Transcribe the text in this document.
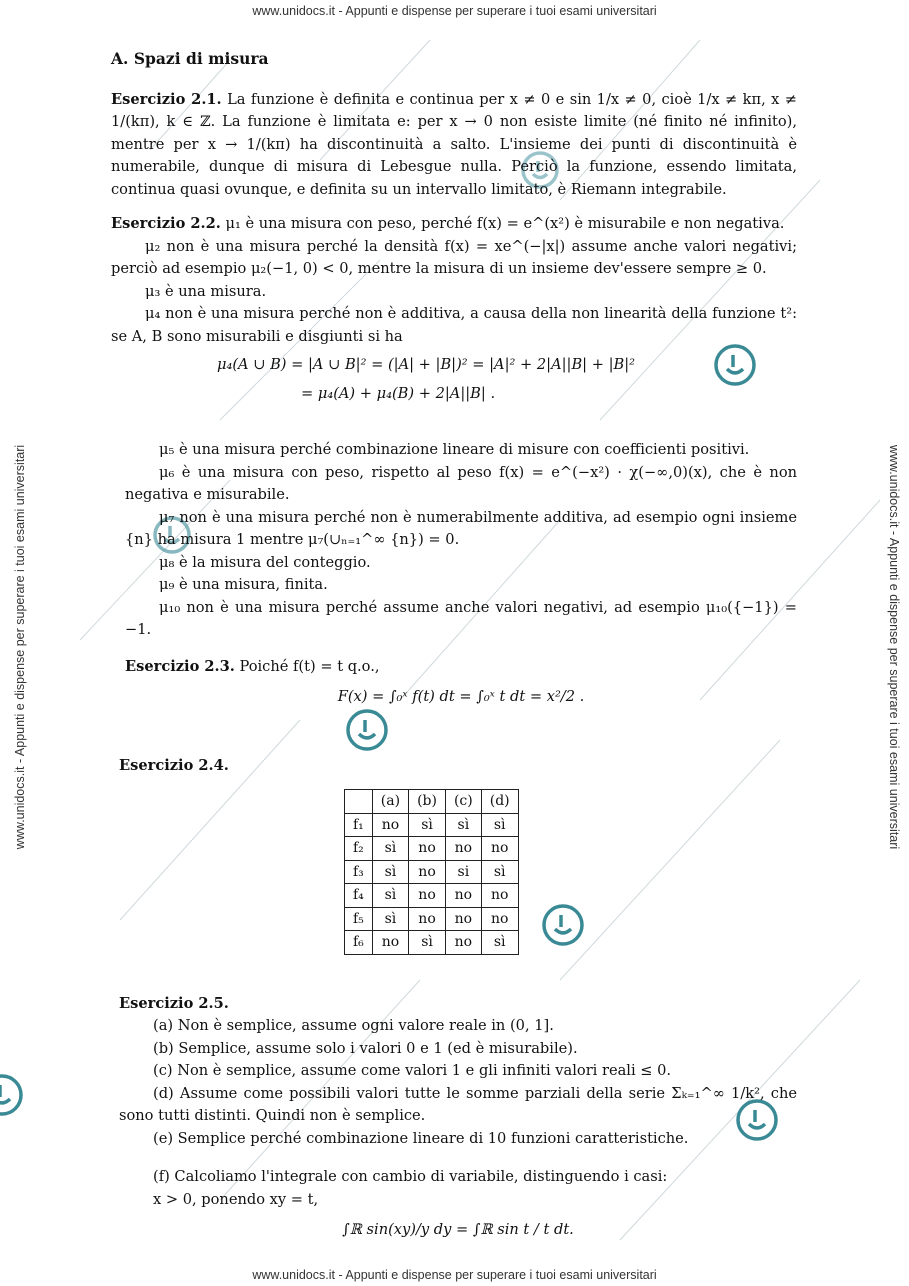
www.unidocs.it - Appunti e dispense per superare i tuoi esami universitari
www.unidocs.it - Appunti e dispense per superare i tuoi esami universitari
www.unidocs.it - Appunti e dispense per superare i tuoi esami universitari	www.unidocs.it - Appunti e dispense per superare i tuoi esami universitari
A. Spazi di misura

Esercizio 2.1. La funzione è definita e continua per x ≠ 0 e sin 1/x ≠ 0, cioè 1/x ≠ kπ, x ≠ 1/(kπ), k ∈ ℤ. La funzione è limitata e: per x → 0 non esiste limite (né finito né infinito), mentre per x → 1/(kπ) ha discontinuità a salto. L'insieme dei punti di discontinuità è numerabile, dunque di misura di Lebesgue nulla. Perciò la funzione, essendo limitata, continua quasi ovunque, e definita su un intervallo limitato, è Riemann integrabile.

Esercizio 2.2. μ₁ è una misura con peso, perché f(x) = e^(x²) è misurabile e non negativa.

μ₂ non è una misura perché la densità f(x) = xe^(−|x|) assume anche valori negativi; perciò ad esempio μ₂(−1, 0) < 0, mentre la misura di un insieme dev'essere sempre ≥ 0.

μ₃ è una misura.

μ₄ non è una misura perché non è additiva, a causa della non linearità della funzione t²: se A, B sono misurabili e disgiunti si ha

μ₄(A ∪ B) = |A ∪ B|² = (|A| + |B|)² = |A|² + 2|A||B| + |B|²
= μ₄(A) + μ₄(B) + 2|A||B| .

μ₅ è una misura perché combinazione lineare di misure con coefficienti positivi.

μ₆ è una misura con peso, rispetto al peso f(x) = e^(−x²) · χ(−∞,0)(x), che è non negativa e misurabile.

μ₇ non è una misura perché non è numerabilmente additiva, ad esempio ogni insieme {n} ha misura 1 mentre μ₇(∪ₙ₌₁^∞ {n}) = 0.

μ₈ è la misura del conteggio.

μ₉ è una misura, finita.

μ₁₀ non è una misura perché assume anche valori negativi, ad esempio μ₁₀({−1}) = −1.

Esercizio 2.3. Poiché f(t) = t q.o.,

F(x) = ∫₀ˣ f(t) dt = ∫₀ˣ t dt = x²/2 .

Esercizio 2.4.

	(a)	(b)	(c)	(d)
f₁	no	sì	sì	sì
f₂	sì	no	no	no
f₃	sì	no	si	sì
f₄	sì	no	no	no
f₅	sì	no	no	no
f₆	no	sì	no	sì

Esercizio 2.5.

(a) Non è semplice, assume ogni valore reale in (0, 1].

(b) Semplice, assume solo i valori 0 e 1 (ed è misurabile).

(c) Non è semplice, assume come valori 1 e gli infiniti valori reali ≤ 0.

(d) Assume come possibili valori tutte le somme parziali della serie Σₖ₌₁^∞ 1/k², che sono tutti distinti. Quindi non è semplice.

(e) Semplice perché combinazione lineare di 10 funzioni caratteristiche.

(f) Calcoliamo l'integrale con cambio di variabile, distinguendo i casi:

x > 0, ponendo xy = t,

∫ℝ sin(xy)/y dy = ∫ℝ sin t / t dt.
